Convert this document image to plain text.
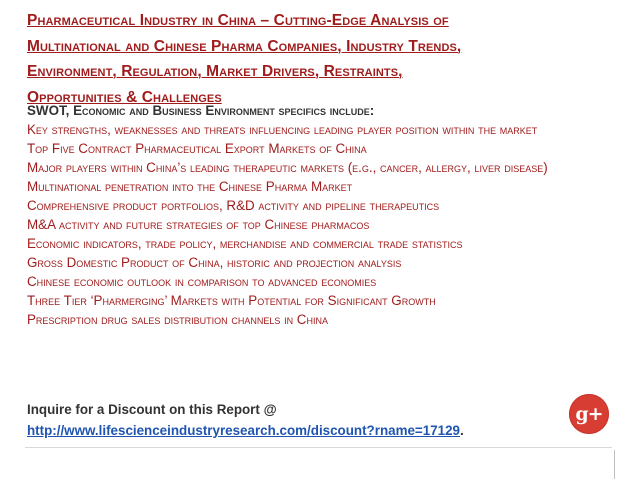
Pharmaceutical Industry in China – Cutting-Edge Analysis of
Multinational and Chinese Pharma Companies, Industry Trends,
Environment, Regulation, Market Drivers, Restraints,
Opportunities & Challenges

SWOT, Economic and Business Environment specifics include:

Key strengths, weaknesses and threats influencing leading player position within the market
Top Five Contract Pharmaceutical Export Markets of China
Major players within China’s leading therapeutic markets (e.g., cancer, allergy, liver disease)
Multinational penetration into the Chinese Pharma Market
Comprehensive product portfolios, R&D activity and pipeline therapeutics
M&A activity and future strategies of top Chinese pharmacos
Economic indicators, trade policy, merchandise and commercial trade statistics
Gross Domestic Product of China, historic and projection analysis
Chinese economic outlook in comparison to advanced economies
Three Tier ‘Pharmerging’ Markets with Potential for Significant Growth
Prescription drug sales distribution channels in China
Inquire for a Discount on this Report @
http://www.lifescienceindustryresearch.com/discount?rname=17129.
g+
